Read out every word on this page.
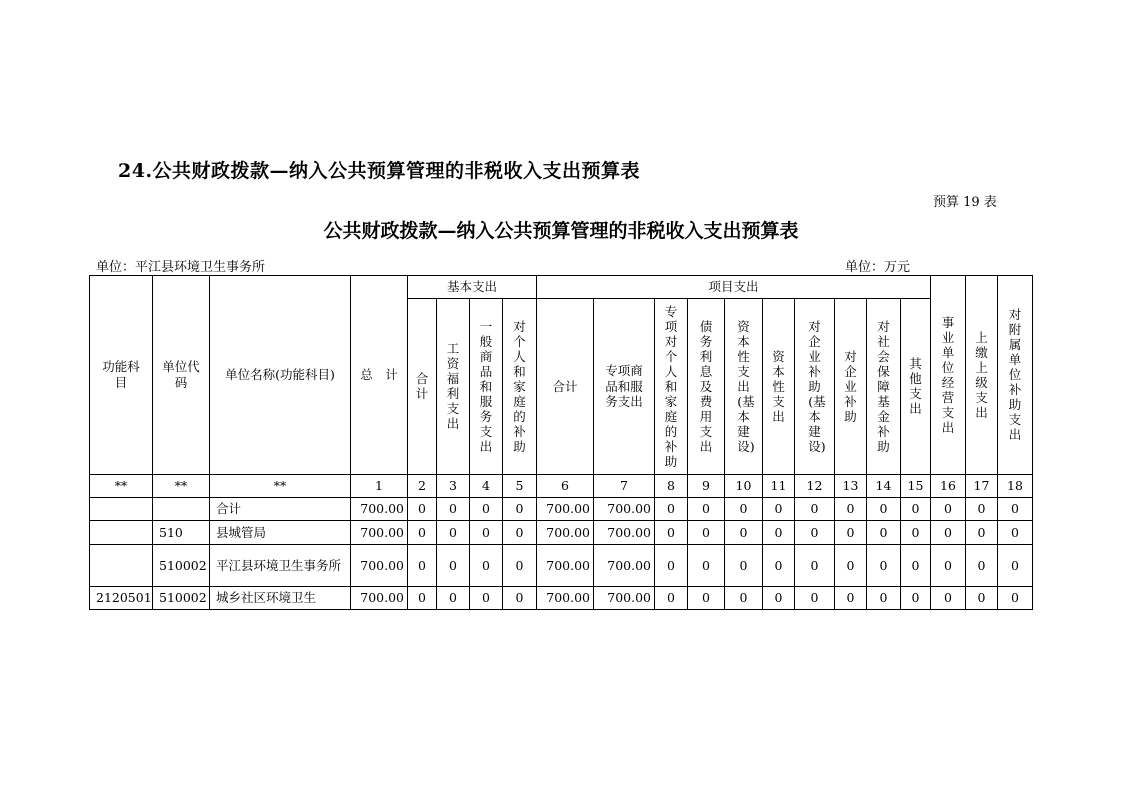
24.公共财政拨款—纳入公共预算管理的非税收入支出预算表
预算 19 表
公共财政拨款—纳入公共预算管理的非税收入支出预算表
单位：平江县环境卫生事务所	单位：万元
功能科目	单位代码	单位名称(功能科目)	总　计	基本支出				项目支出										事业单位经营支出	上缴上级支出	对附属单位补助支出
				合计	工资福利支出	一般商品和服务支出	对个人和家庭的补助	合计	专项商品和服务支出	专项对个人和家庭的补助	债务利息及费用支出	资本性支出(基本建设)	资本性支出	对企业补助(基本建设)	对企业补助	对社会保障基金补助	其他支出			
**	**	**	1	2	3	4	5	6	7	8	9	10	11	12	13	14	15	16	17	18
		合计	700.00	0	0	0	0	700.00	700.00	0	0	0	0	0	0	0	0	0	0	0
	510	县城管局	700.00	0	0	0	0	700.00	700.00	0	0	0	0	0	0	0	0	0	0	0
	510002	平江县环境卫生事务所	700.00	0	0	0	0	700.00	700.00	0	0	0	0	0	0	0	0	0	0	0
2120501	510002	城乡社区环境卫生	700.00	0	0	0	0	700.00	700.00	0	0	0	0	0	0	0	0	0	0	0
